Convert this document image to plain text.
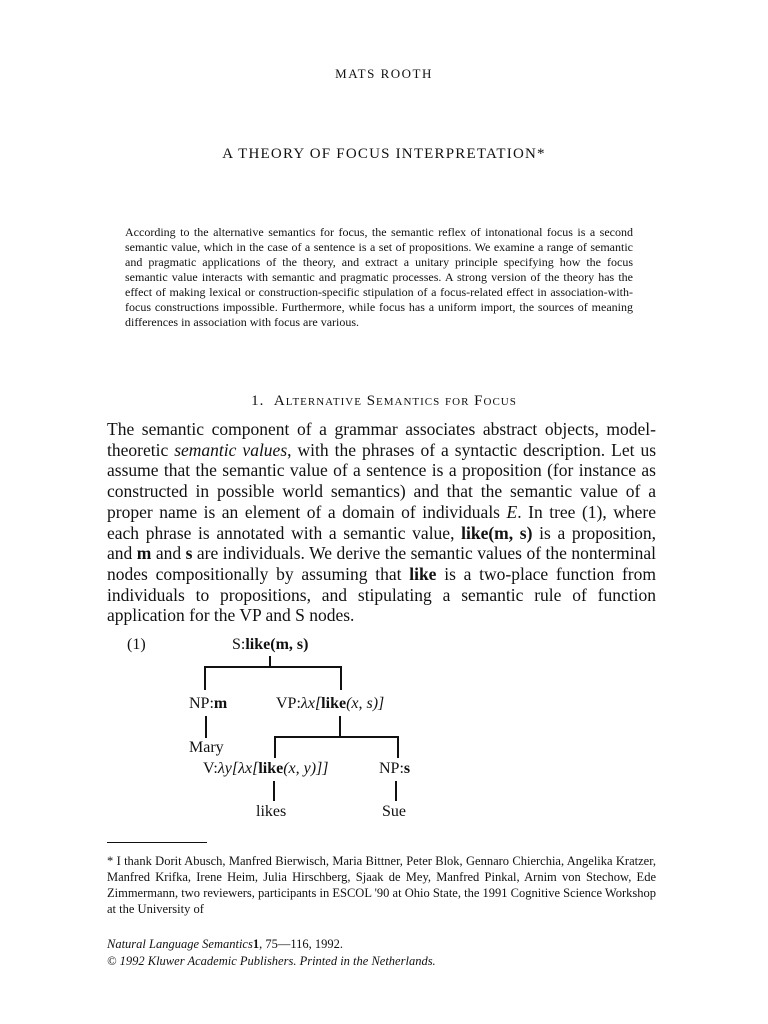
MATS ROOTH
A THEORY OF FOCUS INTERPRETATION*
According to the alternative semantics for focus, the semantic reflex of intonational focus is a second semantic value, which in the case of a sentence is a set of propositions. We examine a range of semantic and pragmatic applications of the theory, and extract a unitary principle specifying how the focus semantic value interacts with semantic and pragmatic processes. A strong version of the theory has the effect of making lexical or construction-specific stipulation of a focus-related effect in association-with-focus constructions impossible. Furthermore, while focus has a uniform import, the sources of meaning differences in association with focus are various.
1. Alternative Semantics for Focus
The semantic component of a grammar associates abstract objects, model-theoretic semantic values, with the phrases of a syntactic description. Let us assume that the semantic value of a sentence is a proposition (for instance as constructed in possible world semantics) and that the semantic value of a proper name is an element of a domain of individuals E. In tree (1), where each phrase is annotated with a semantic value, like(m, s) is a proposition, and m and s are individuals. We derive the semantic values of the nonterminal nodes compositionally by assuming that like is a two-place function from individuals to propositions, and stipulating a semantic rule of function application for the VP and S nodes.
(1)	S:like(m, s)
NP:m	VP:λx[like(x, s)]
Mary
V:λy[λx[like(x, y)]]	NP:s
likes	Sue
* I thank Dorit Abusch, Manfred Bierwisch, Maria Bittner, Peter Blok, Gennaro Chierchia, Angelika Kratzer, Manfred Krifka, Irene Heim, Julia Hirschberg, Sjaak de Mey, Manfred Pinkal, Arnim von Stechow, Ede Zimmermann, two reviewers, participants in ESCOL '90 at Ohio State, the 1991 Cognitive Science Workshop at the University of
Natural Language Semantics1, 75—116, 1992.
© 1992 Kluwer Academic Publishers. Printed in the Netherlands.
